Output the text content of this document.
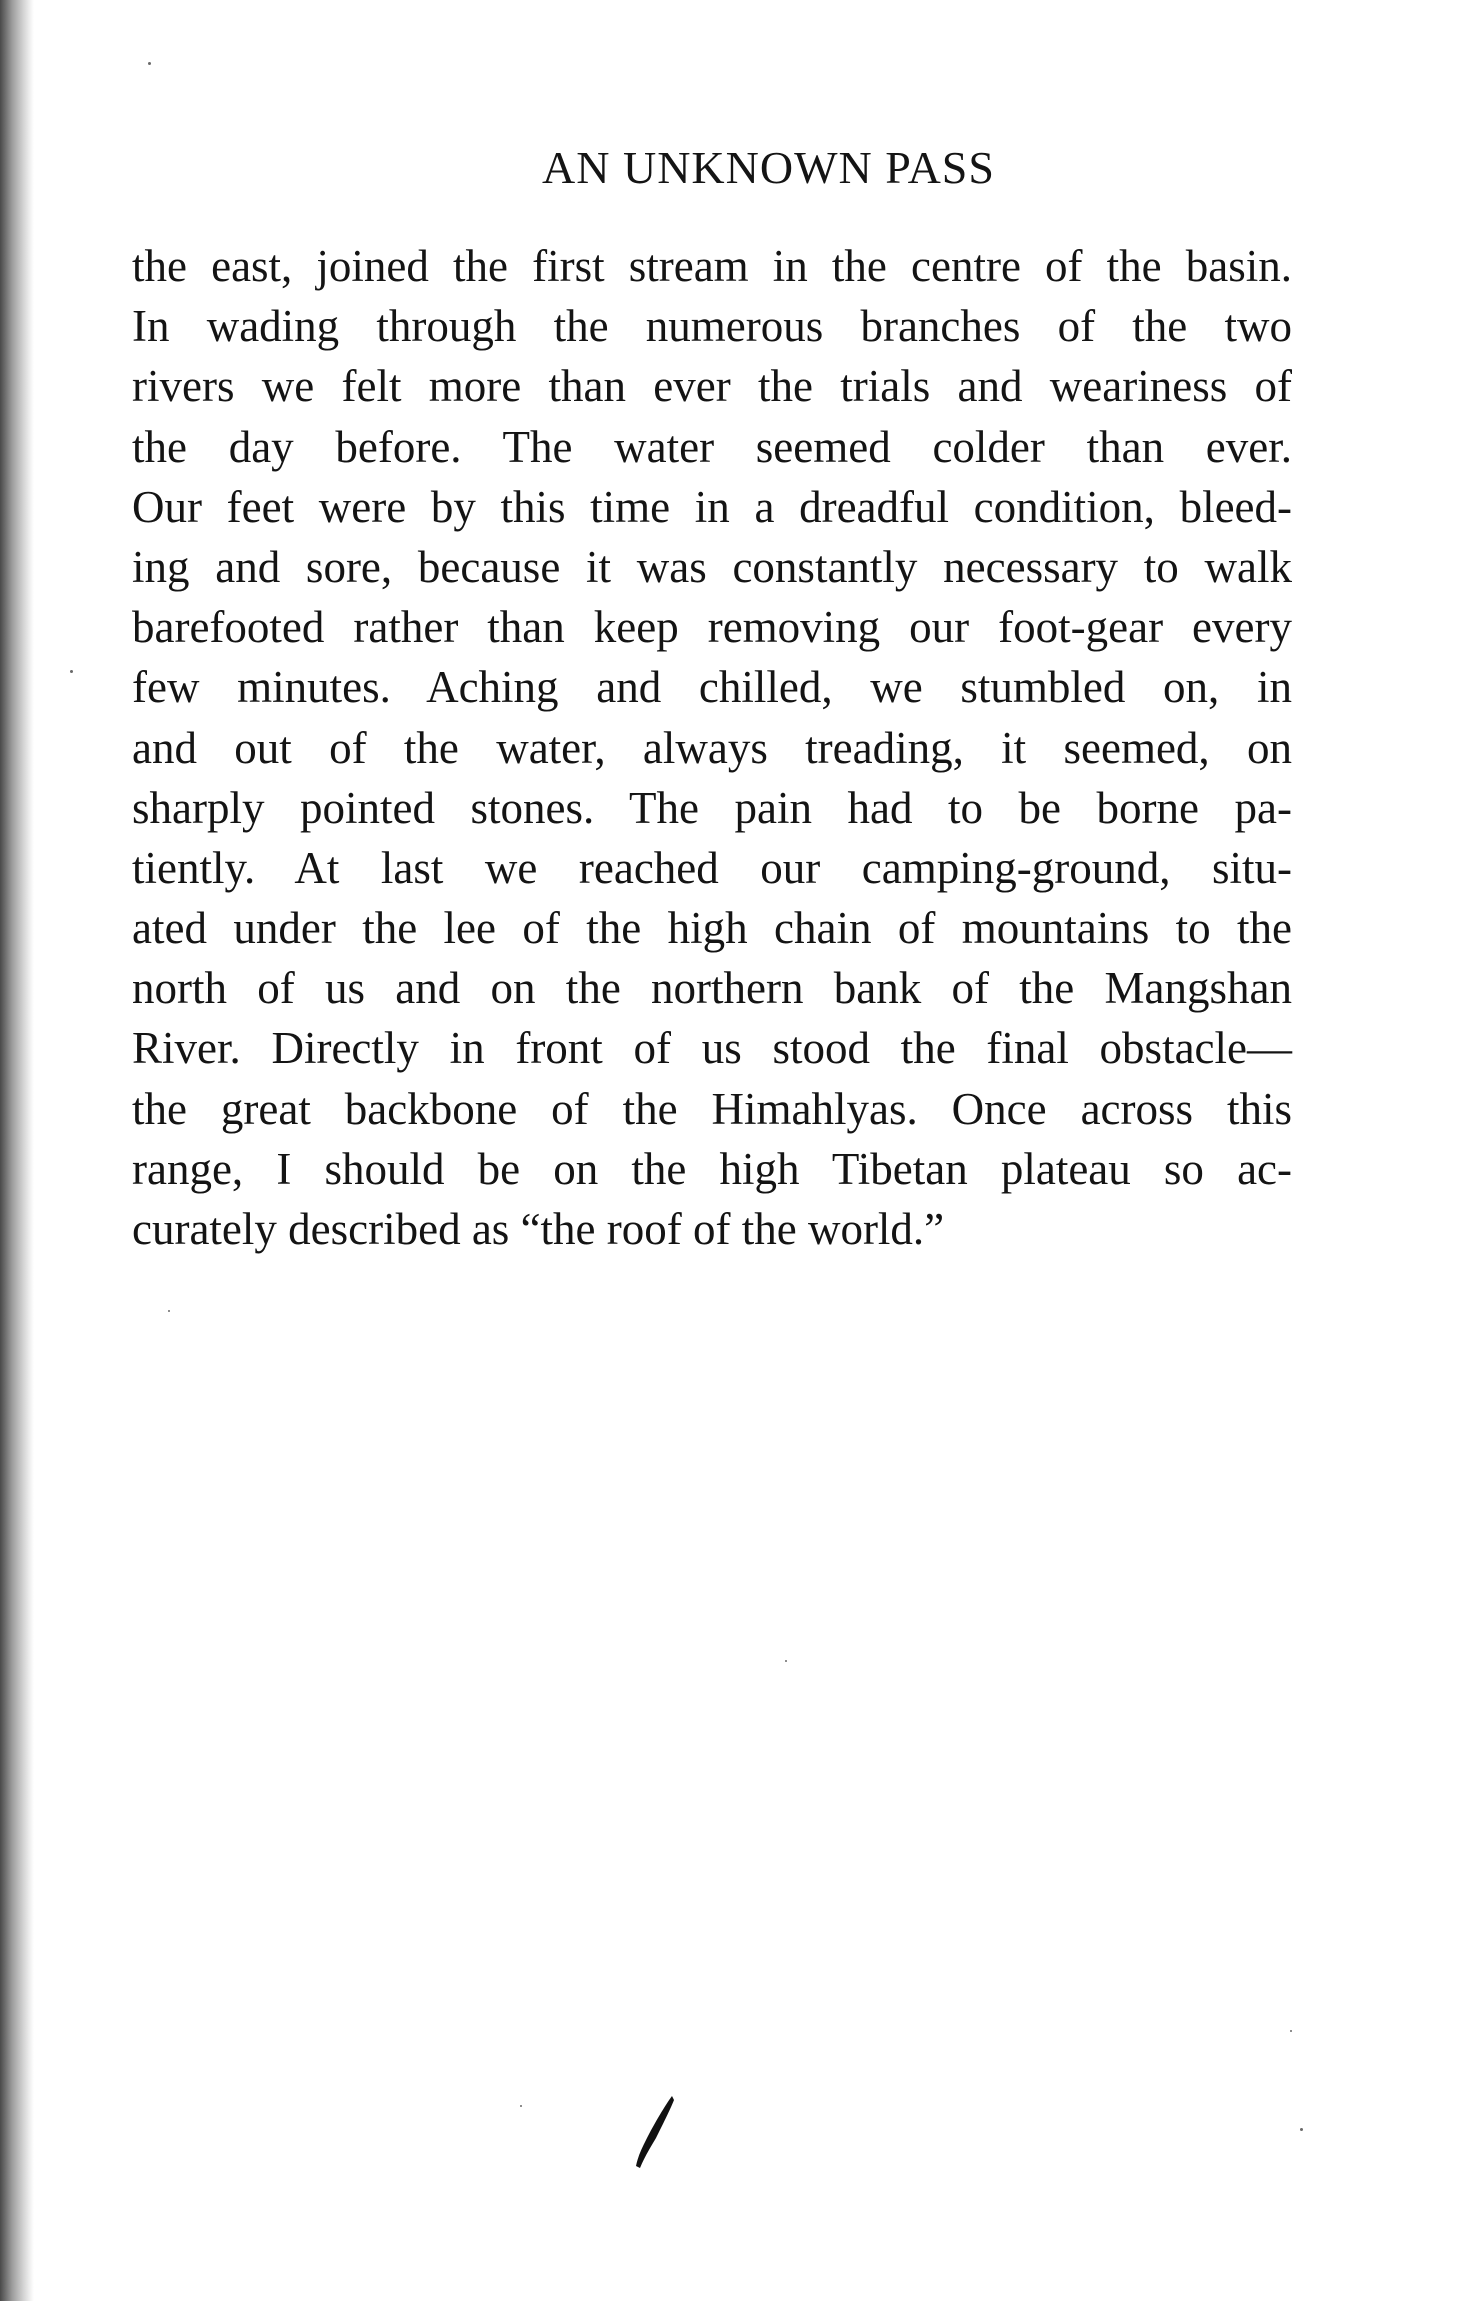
AN UNKNOWN PASS
the east, joined the first stream in the centre of the basin.
In wading through the numerous branches of the two
rivers we felt more than ever the trials and weariness of
the day before. The water seemed colder than ever.
Our feet were by this time in a dreadful condition, bleed-
ing and sore, because it was constantly necessary to walk
barefooted rather than keep removing our foot-gear every
few minutes. Aching and chilled, we stumbled on, in
and out of the water, always treading, it seemed, on
sharply pointed stones. The pain had to be borne pa-
tiently. At last we reached our camping-ground, situ-
ated under the lee of the high chain of mountains to the
north of us and on the northern bank of the Mangshan
River. Directly in front of us stood the final obstacle—
the great backbone of the Himahlyas. Once across this
range, I should be on the high Tibetan plateau so ac-
curately described as “the roof of the world.”
